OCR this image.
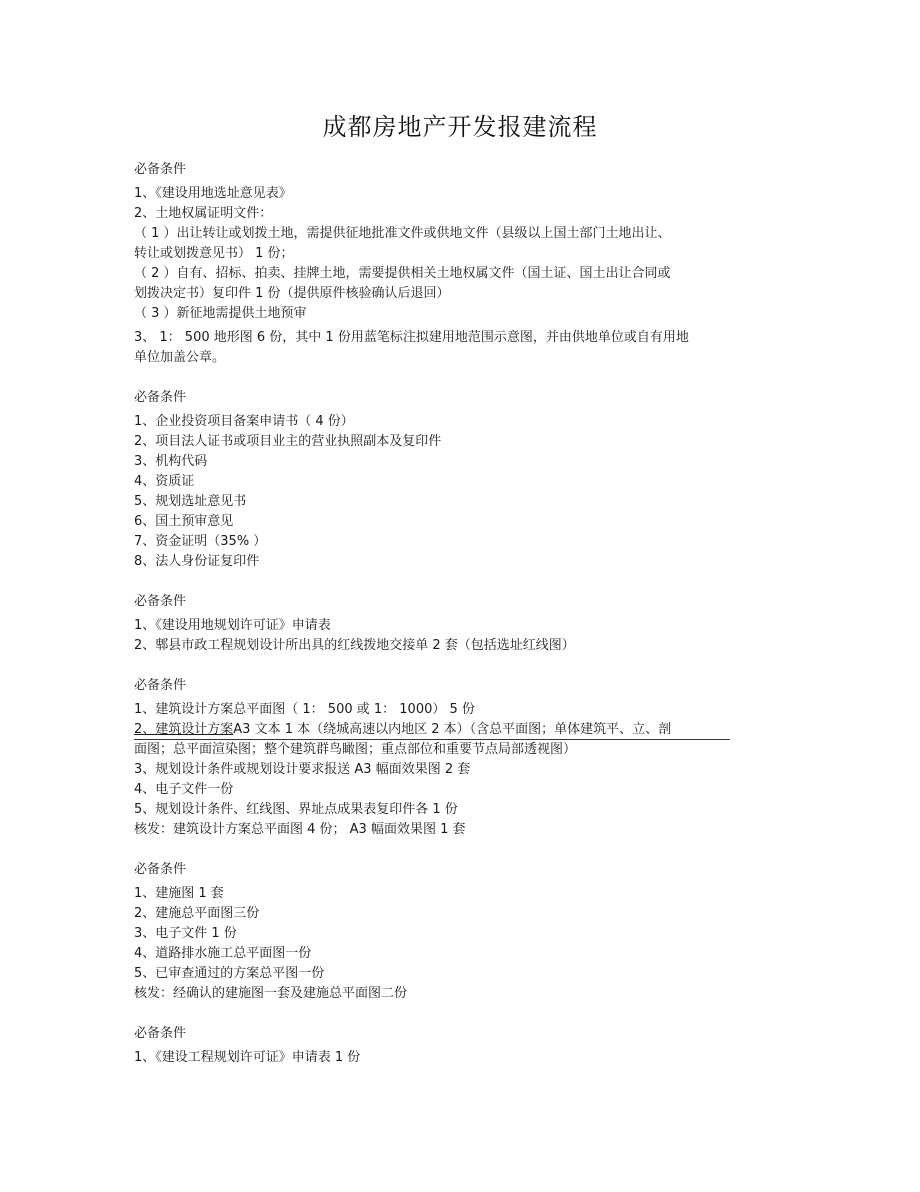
成都房地产开发报建流程
必备条件
1、《建设用地选址意见表》
2、土地权属证明文件：
（ 1 ）出让转让或划拨土地，需提供征地批准文件或供地文件（县级以上国土部门土地出让、
转让或划拨意见书） 1 份；
（ 2 ）自有、招标、拍卖、挂牌土地，需要提供相关土地权属文件（国土证、国土出让合同或
划拨决定书）复印件 1 份（提供原件核验确认后退回）
（ 3 ）新征地需提供土地预审
3、 1： 500 地形图 6 份，其中 1 份用蓝笔标注拟建用地范围示意图，并由供地单位或自有用地
单位加盖公章。
必备条件
1、企业投资项目备案申请书（ 4 份）
2、项目法人证书或项目业主的营业执照副本及复印件
3、机构代码
4、资质证
5、规划选址意见书
6、国土预审意见
7、资金证明（35% ）
8、法人身份证复印件
必备条件
1、《建设用地规划许可证》申请表
2、郫县市政工程规划设计所出具的红线拨地交接单 2 套（包括选址红线图）
必备条件
1、建筑设计方案总平面图（ 1： 500 或 1： 1000） 5 份
2、建筑设计方案A3 文本 1 本（绕城高速以内地区 2 本）（含总平面图；单体建筑平、立、剖
面图；总平面渲染图；整个建筑群鸟瞰图；重点部位和重要节点局部透视图）
3、规划设计条件或规划设计要求报送 A3 幅面效果图 2 套
4、电子文件一份
5、规划设计条件、红线图、界址点成果表复印件各 1 份
核发：建筑设计方案总平面图 4 份； A3 幅面效果图 1 套
必备条件
1、建施图 1 套
2、建施总平面图三份
3、电子文件 1 份
4、道路排水施工总平面图一份
5、已审查通过的方案总平图一份
核发：经确认的建施图一套及建施总平面图二份
必备条件
1、《建设工程规划许可证》申请表 1 份
